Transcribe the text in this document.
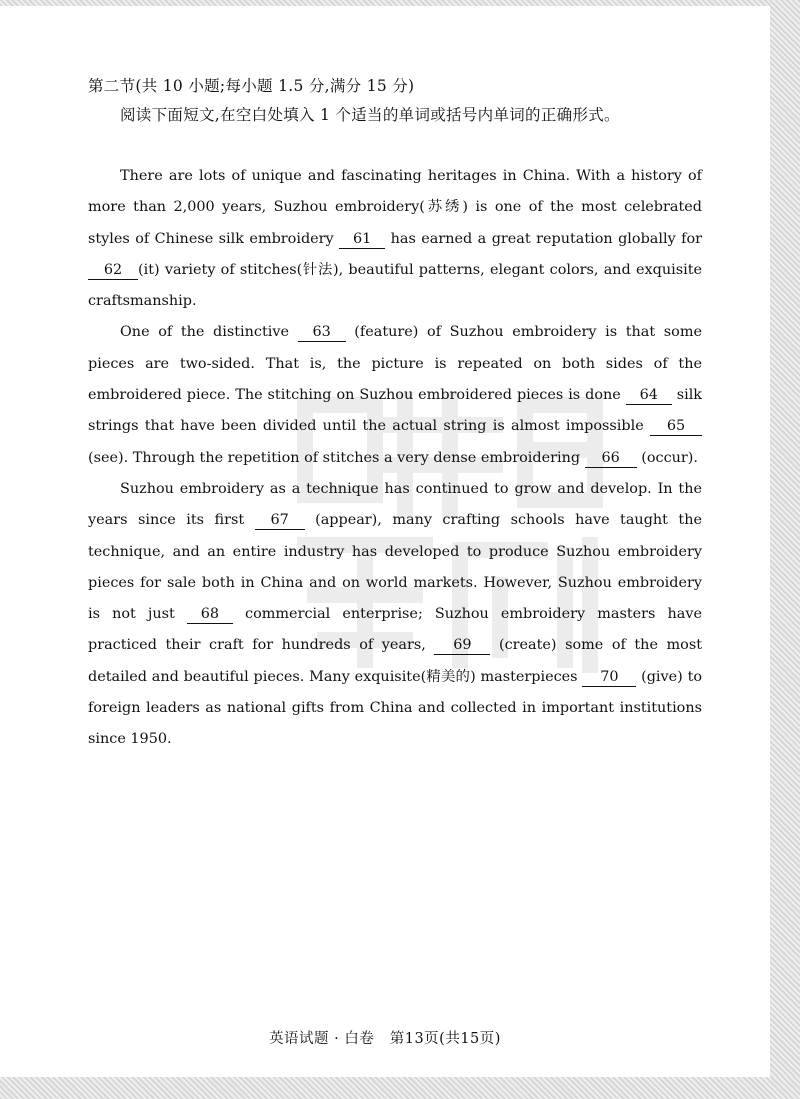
第二节(共 10 小题;每小题 1.5 分,满分 15 分)
阅读下面短文,在空白处填入 1 个适当的单词或括号内单词的正确形式。

There are lots of unique and fascinating heritages in China. With a history of more than 2,000 years, Suzhou embroidery(苏绣) is one of the most celebrated styles of Chinese silk embroidery 61 has earned a great reputation globally for 62 (it) variety of stitches(针法), beautiful patterns, elegant colors, and exquisite craftsmanship.

One of the distinctive 63 (feature) of Suzhou embroidery is that some pieces are two-sided. That is, the picture is repeated on both sides of the embroidered piece. The stitching on Suzhou embroidered pieces is done 64 silk strings that have been divided until the actual string is almost impossible 65 (see). Through the repetition of stitches a very dense embroidering 66 (occur).

Suzhou embroidery as a technique has continued to grow and develop. In the years since its first 67 (appear), many crafting schools have taught the technique, and an entire industry has developed to produce Suzhou embroidery pieces for sale both in China and on world markets. However, Suzhou embroidery is not just 68 commercial enterprise; Suzhou embroidery masters have practiced their craft for hundreds of years, 69 (create) some of the most detailed and beautiful pieces. Many exquisite(精美的) masterpieces 70 (give) to foreign leaders as national gifts from China and collected in important institutions since 1950.

英语试题 · 白卷 第13页(共15页)
